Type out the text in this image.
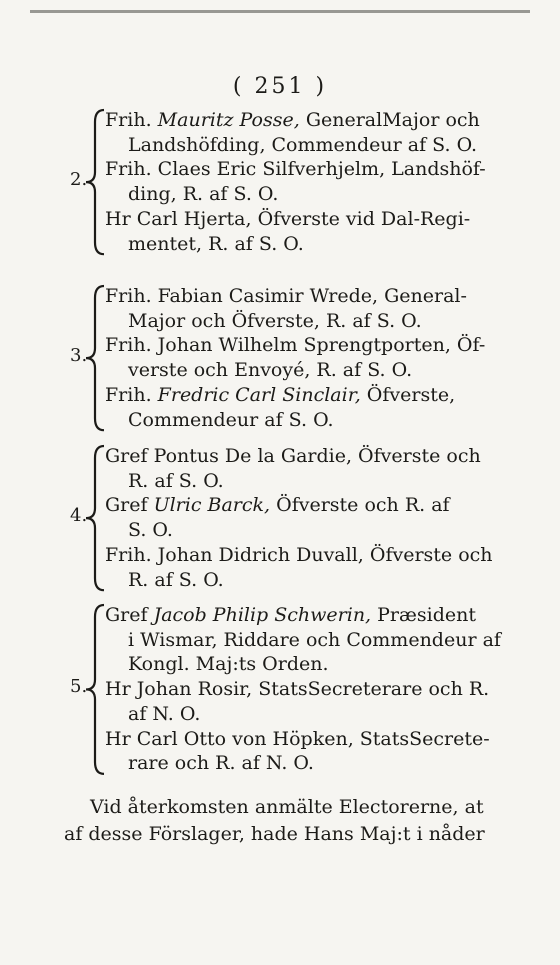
( 251 )
Frih. Mauritz Posse, GeneralMajor och
Landshöfding, Commendeur af S. O.
Frih. Claes Eric Silfverhjelm, Landshöf-
ding, R. af S. O.
Hr Carl Hjerta, Öfverste vid Dal-Regi-
mentet, R. af S. O.
2.
Frih. Fabian Casimir Wrede, General-
Major och Öfverste, R. af S. O.
Frih. Johan Wilhelm Sprengtporten, Öf-
verste och Envoyé, R. af S. O.
Frih. Fredric Carl Sinclair, Öfverste,
Commendeur af S. O.
3.
Gref Pontus De la Gardie, Öfverste och
R. af S. O.
Gref Ulric Barck, Öfverste och R. af
S. O.
Frih. Johan Didrich Duvall, Öfverste och
R. af S. O.
4.
Gref Jacob Philip Schwerin, Præsident
i Wismar, Riddare och Commendeur af
Kongl. Maj:ts Orden.
Hr Johan Rosir, StatsSecreterare och R.
af N. O.
Hr Carl Otto von Höpken, StatsSecrete-
rare och R. af N. O.
5.
Vid återkomsten anmälte Electorerne, at
af desse Förslager, hade Hans Maj:t i nåder
